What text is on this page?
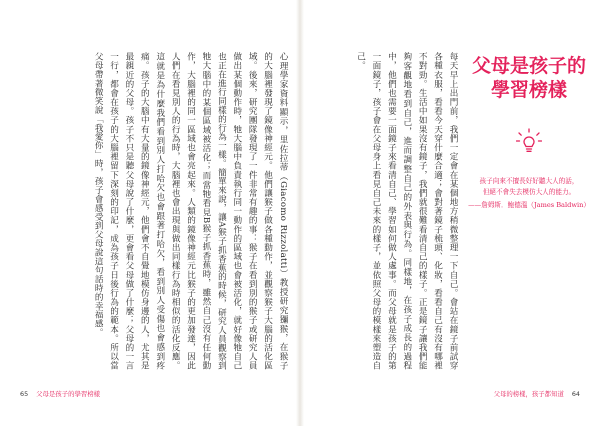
心理學家資料顯示，里佐拉蒂（Giacomo Rizzolatti）教授研究獼猴，在猴子的大腦裡發現了鏡像神經元。他們讓猴子做各種動作，並觀察猴子大腦的活化區域。後來，研究團隊發現了一件非常有趣的事：猴子在看到別的猴子或研究人員做出某個動作時，牠大腦中負責執行同一動作的區域也會被活化，就好像牠自己也正在進行同樣的行為一樣。簡單來說，讓A猴子抓香蕉的時候，研究人員觀察到牠大腦中的某個區域被活化；而當牠看見B猴子抓香蕉時，雖然自己沒有任何動作，大腦裡的同一區域也會亮起來。人類的鏡像神經元比猴子的更加發達，因此人們在看見別人的行為時，大腦裡也會出現與做出同樣行為時相似的活化反應。這就是為什麼我們看到別人打哈欠也會跟著打哈欠，看到別人受傷也會感到疼痛。孩子的大腦中有大量的鏡像神經元，他們會不自覺地模仿身邊的人，尤其是最親近的父母。孩子不只是聽父母說了什麼，更會看父母做了什麼；父母的一言一行，都會在孩子的大腦裡留下深刻的印記，成為孩子日後行為的範本。所以當父母帶著微笑說「我愛你」時，孩子會感受到父母說這句話時的幸福感。
65 父母是孩子的學習榜樣
每天早上出門前，我們一定會在某個地方稍微整理一下自己。會站在鏡子前試穿各種衣服，看看今天穿什麼合適；會對著鏡子梳頭、化妝，看看自己有沒有哪裡不對勁。生活中如果沒有鏡子，我們就很難看清自己的樣子。正是鏡子讓我們能夠客觀地看到自己，進而調整自己的外表與行為。同樣地，在孩子成長的過程中，他們也需要一面鏡子來看清自己、學習如何做人處事。而父母就是孩子的第一面鏡子，孩子會在父母身上看見自己未來的樣子，並依照父母的模樣來塑造自己。	父母是孩子的
學習榜樣

孩子向來不擅長好好聽大人的話，
但絕不會失去模仿大人的能力。
——詹姆斯．鮑德溫（James Baldwin）
父母的榜樣，孩子都知道 64
